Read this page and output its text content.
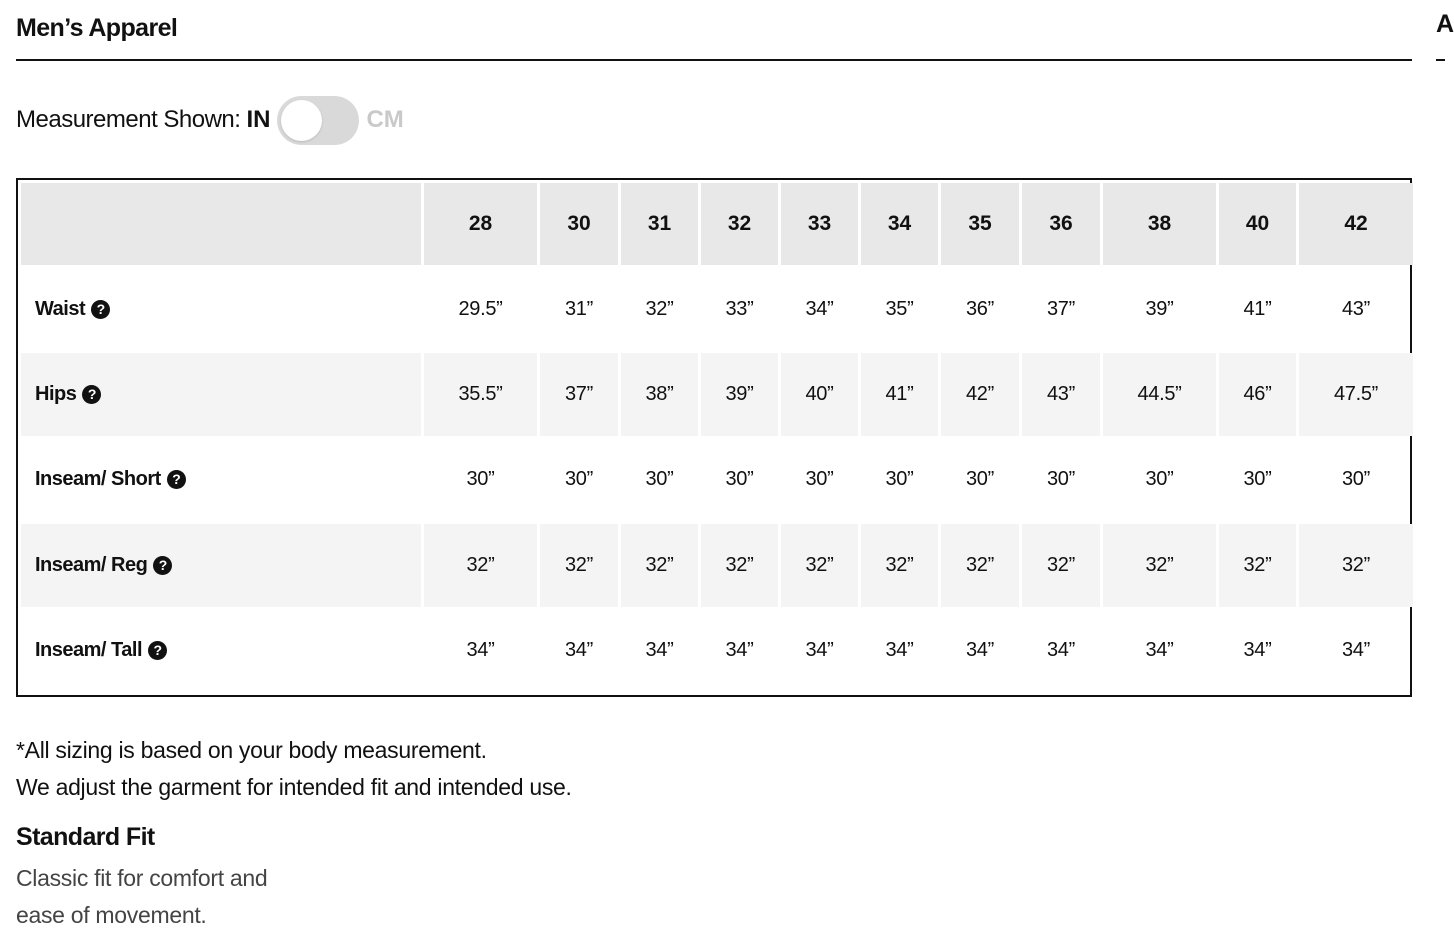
Men’s Apparel	A
Measurement Shown: IN	CM
	28	30	31	32	33	34	35	36	38	40	42
Waist ?	29.5”	31”	32”	33”	34”	35”	36”	37”	39”	41”	43”
Hips ?	35.5”	37”	38”	39”	40”	41”	42”	43”	44.5”	46”	47.5”
Inseam/ Short ?	30”	30”	30”	30”	30”	30”	30”	30”	30”	30”	30”
Inseam/ Reg ?	32”	32”	32”	32”	32”	32”	32”	32”	32”	32”	32”
Inseam/ Tall ?	34”	34”	34”	34”	34”	34”	34”	34”	34”	34”	34”
*All sizing is based on your body measurement.
We adjust the garment for intended fit and intended use.
Standard Fit
Classic fit for comfort and
ease of movement.
